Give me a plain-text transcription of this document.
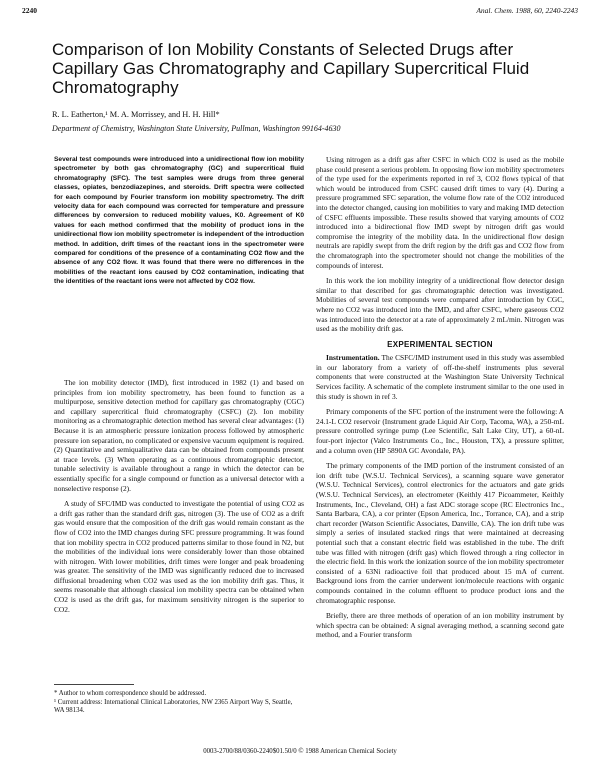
2240	Anal. Chem. 1988, 60, 2240-2243
Comparison of Ion Mobility Constants of Selected Drugs after Capillary Gas Chromatography and Capillary Supercritical Fluid Chromatography
R. L. Eatherton,¹ M. A. Morrissey, and H. H. Hill*
Department of Chemistry, Washington State University, Pullman, Washington 99164-4630
Several test compounds were introduced into a unidirectional flow ion mobility spectrometer by both gas chromatography (GC) and supercritical fluid chromatography (SFC). The test samples were drugs from three general classes, opiates, benzodiazepines, and steroids. Drift spectra were collected for each compound by Fourier transform ion mobility spectrometry. The drift velocity data for each compound was corrected for temperature and pressure differences by conversion to reduced mobility values, K0. Agreement of K0 values for each method confirmed that the mobility of product ions in the unidirectional flow ion mobility spectrometer is independent of the introduction method. In addition, drift times of the reactant ions in the spectrometer were compared for conditions of the presence of a contaminating CO2 flow and the absence of any CO2 flow. It was found that there were no differences in the mobilities of the reactant ions caused by CO2 contamination, indicating that the identities of the reactant ions were not affected by CO2 flow.

The ion mobility detector (IMD), first introduced in 1982 (1) and based on principles from ion mobility spectrometry, has been found to function as a multipurpose, sensitive detection method for capillary gas chromatography (CGC) and capillary supercritical fluid chromatography (CSFC) (2). Ion mobility monitoring as a chromatographic detection method has several clear advantages: (1) Because it is an atmospheric pressure ionization process followed by atmospheric pressure ion separation, no complicated or expensive vacuum equipment is required. (2) Quantitative and semiqualitative data can be obtained from compounds present at trace levels. (3) When operating as a continuous chromatographic detector, tunable selectivity is available throughout a range in which the detector can be essentially specific for a single compound or function as a universal detector with a nonselective response (2).

A study of SFC/IMD was conducted to investigate the potential of using CO2 as a drift gas rather than the standard drift gas, nitrogen (3). The use of CO2 as a drift gas would ensure that the composition of the drift gas would remain constant as the flow of CO2 into the IMD changes during SFC pressure programming. It was found that ion mobility spectra in CO2 produced patterns similar to those found in N2, but the mobilities of the individual ions were considerably lower than those obtained with nitrogen. With lower mobilities, drift times were longer and peak broadening was greater. The sensitivity of the IMD was significantly reduced due to increased diffusional broadening when CO2 was used as the ion mobility drift gas. Thus, it seems reasonable that although classical ion mobility spectra can be obtained when CO2 is used as the drift gas, for maximum sensitivity nitrogen is the superior to CO2.

* Author to whom correspondence should be addressed.
¹ Current address: International Clinical Laboratories, NW 2365 Airport Way S, Seattle, WA 98134.

Using nitrogen as a drift gas after CSFC in which CO2 is used as the mobile phase could present a serious problem. In opposing flow ion mobility spectrometers of the type used for the experiments reported in ref 3, CO2 flows typical of that which would be introduced from CSFC caused drift times to vary (4). During a pressure programmed SFC separation, the volume flow rate of the CO2 introduced into the detector changed, causing ion mobilities to vary and making IMD detection of CSFC effluents impossible. These results showed that varying amounts of CO2 introduced into a bidirectional flow IMD swept by nitrogen drift gas would compromise the integrity of the mobility data. In the unidirectional flow design neutrals are rapidly swept from the drift region by the drift gas and CO2 flow from the chromatograph into the spectrometer should not change the mobilities of the compounds of interest.

In this work the ion mobility integrity of a unidirectional flow detector design similar to that described for gas chromatographic detection was investigated. Mobilities of several test compounds were compared after introduction by CGC, where no CO2 was introduced into the IMD, and after CSFC, where gaseous CO2 was introduced into the detector at a rate of approximately 2 mL/min. Nitrogen was used as the mobility drift gas.

EXPERIMENTAL SECTION

Instrumentation. The CSFC/IMD instrument used in this study was assembled in our laboratory from a variety of off-the-shelf instruments plus several components that were constructed at the Washington State University Technical Services facility. A schematic of the complete instrument similar to the one used in this study is shown in ref 3.

Primary components of the SFC portion of the instrument were the following: A 24.1-L CO2 reservoir (Instrument grade Liquid Air Corp, Tacoma, WA), a 250-mL pressure controlled syringe pump (Lee Scientific, Salt Lake City, UT), a 60-nL four-port injector (Valco Instruments Co., Inc., Houston, TX), a pressure splitter, and a column oven (HP 5890A GC Avondale, PA).

The primary components of the IMD portion of the instrument consisted of an ion drift tube (W.S.U. Technical Services), a scanning square wave generator (W.S.U. Technical Services), control electronics for the actuators and gate grids (W.S.U. Technical Services), an electrometer (Keithly 417 Picoammeter, Keithly Instruments, Inc., Cleveland, OH) a fast ADC storage scope (RC Electronics Inc., Santa Barbara, CA), a cor printer (Epson America, Inc., Torrance, CA), and a strip chart recorder (Watson Scientific Associates, Danville, CA). The ion drift tube was simply a series of insulated stacked rings that were maintained at decreasing potential such that a constant electric field was established in the tube. The drift tube was filled with nitrogen (drift gas) which flowed through a ring collector in the electric field. In this work the ionization source of the ion mobility spectrometer consisted of a 63Ni radioactive foil that produced about 15 mA of current. Background ions from the carrier underwent ion/molecule reactions with organic compounds contained in the column effluent to produce product ions and the chromatographic response.

Briefly, there are three methods of operation of an ion mobility instrument by which spectra can be obtained: A signal averaging method, a scanning second gate method, and a Fourier transform

0003-2700/88/0360-2240$01.50/0 © 1988 American Chemical Society
